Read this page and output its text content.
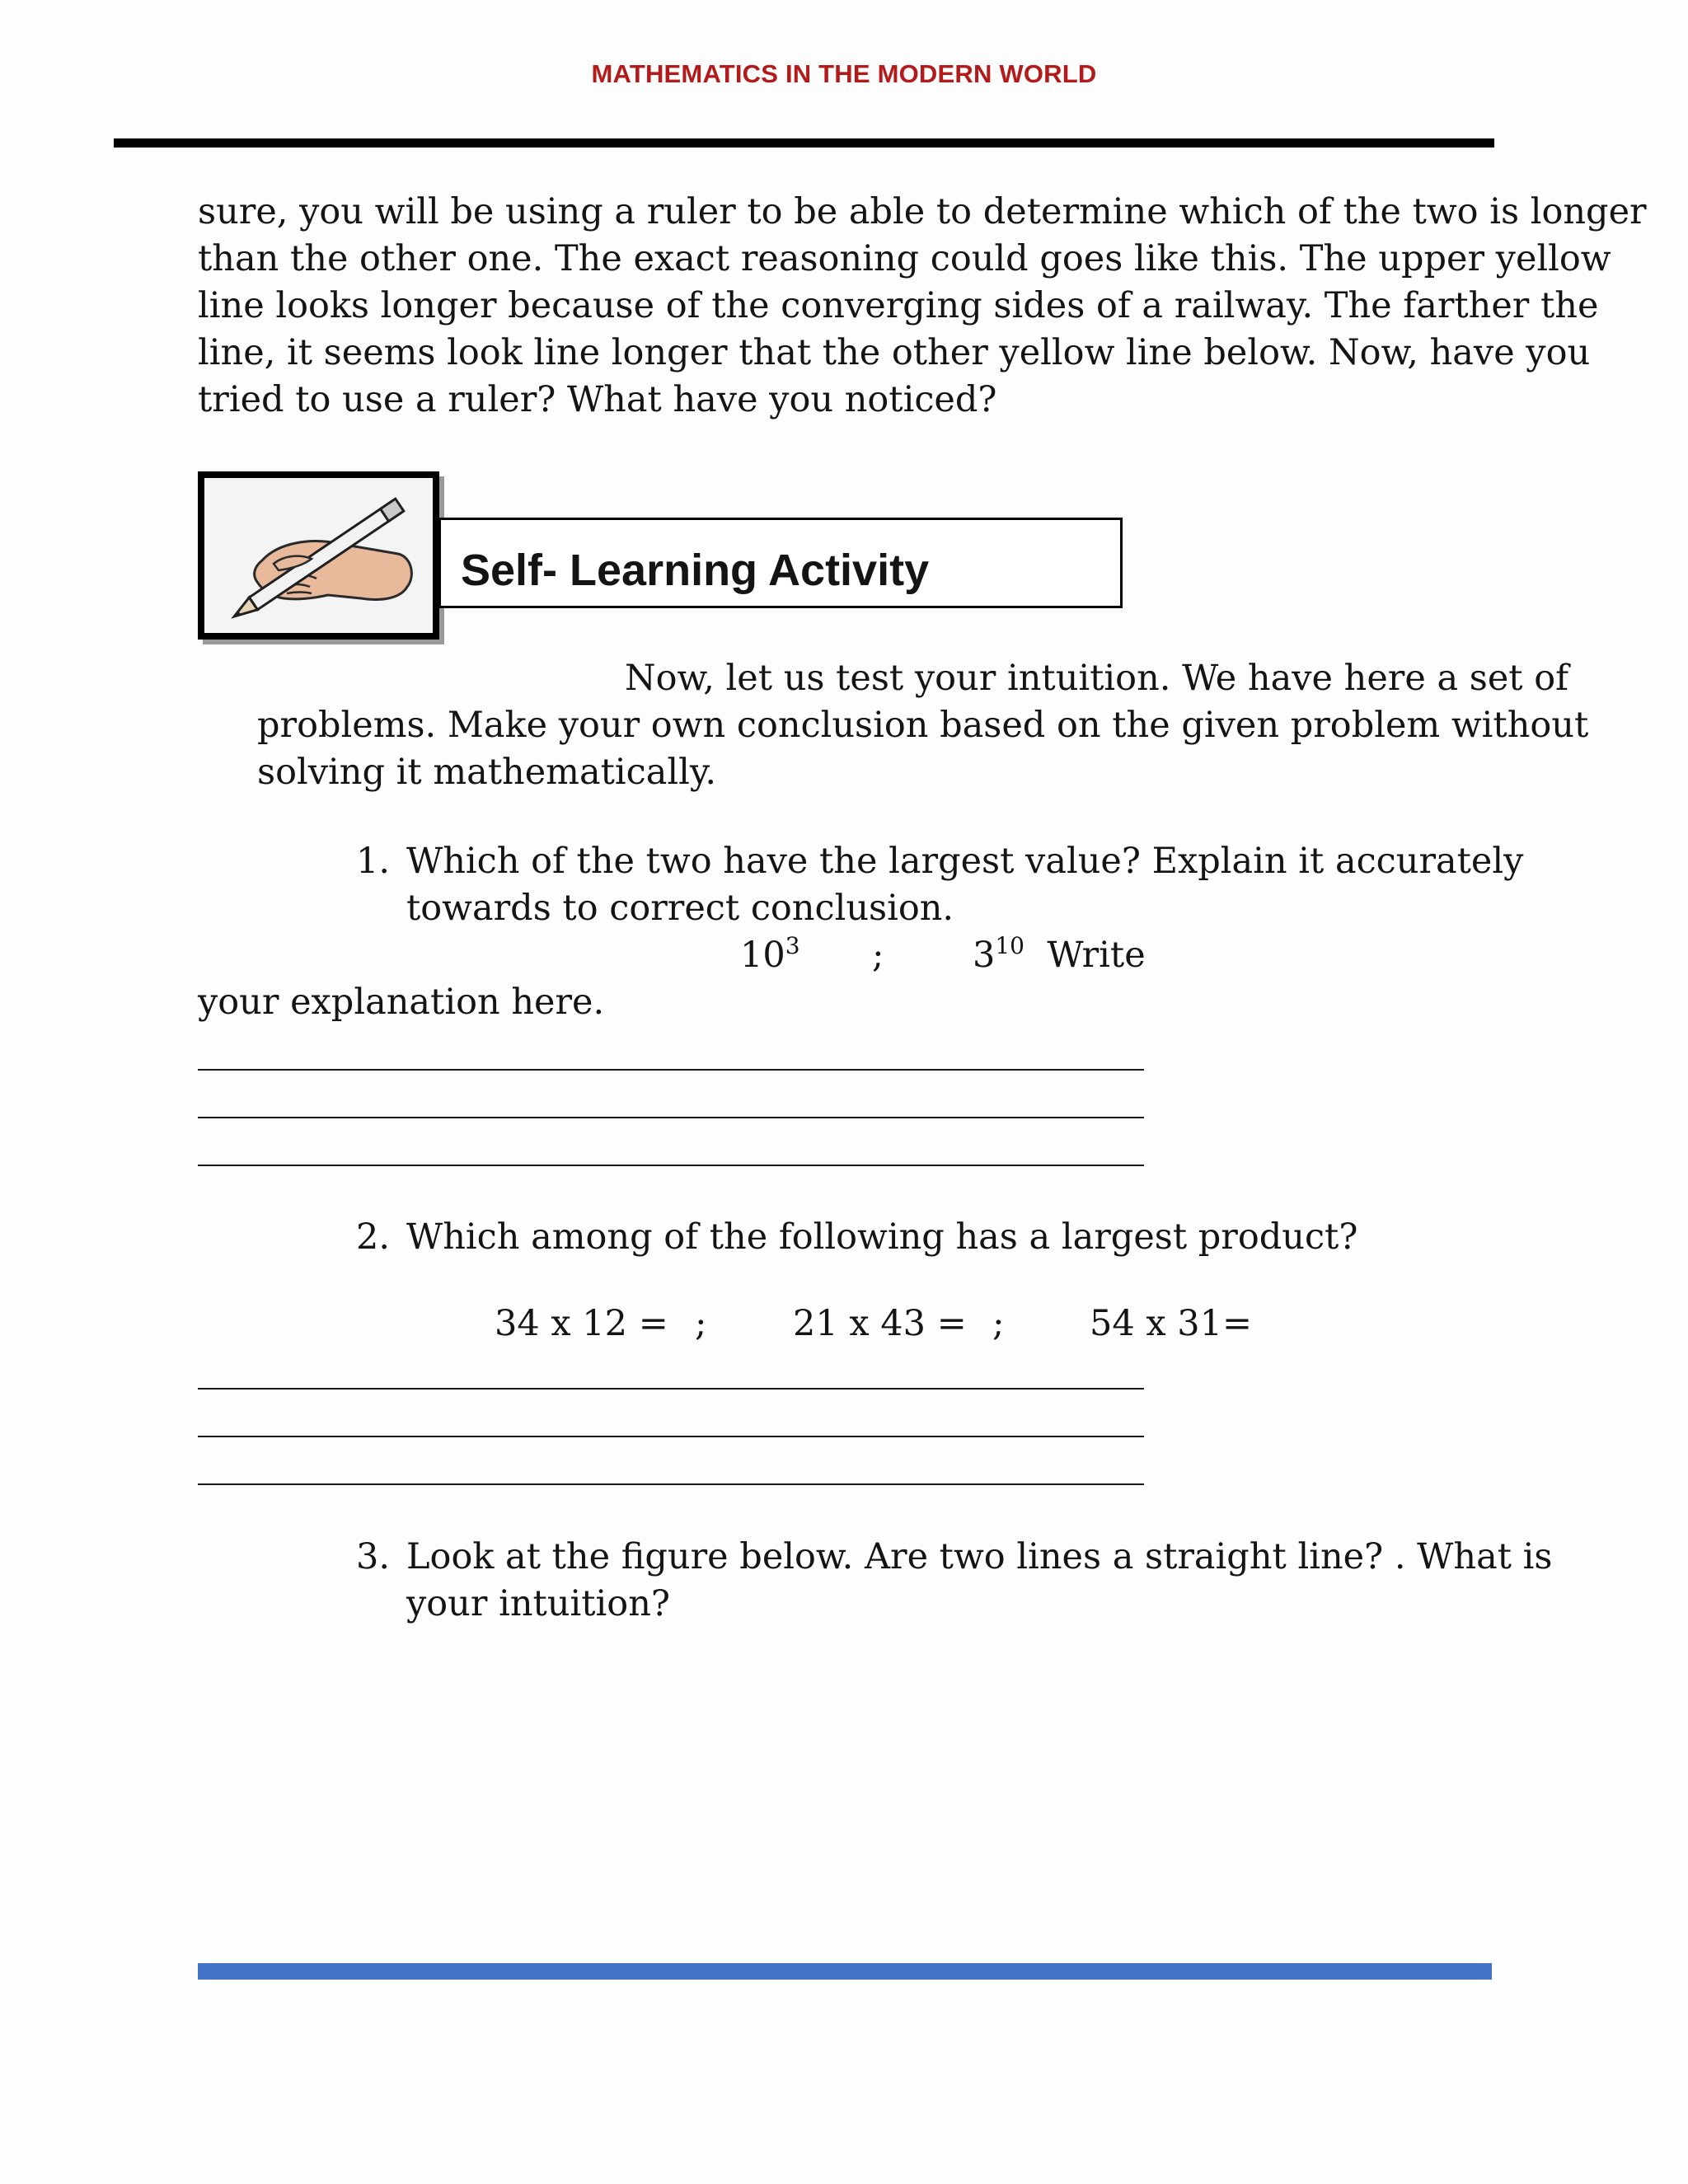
MATHEMATICS IN THE MODERN WORLD
sure, you will be using a ruler to be able to determine which of the two is longer
than the other one. The exact reasoning could goes like this. The upper yellow
line looks longer because of the converging sides of a railway. The farther the
line, it seems look line longer that the other yellow line below. Now, have you
tried to use a ruler? What have you noticed?
Self- Learning Activity
Now, let us test your intuition. We have here a set of
problems. Make your own conclusion based on the given problem without
solving it mathematically.
1. Which of the two have the largest value? Explain it accurately
towards to correct conclusion.
$10^3$ ;	$3^{10}$ Write
your explanation here.
2. Which among of the following has a largest product?
34 x 12 = ; 21 x 43 = ; 54 x 31=
3. Look at the figure below. Are two lines a straight line? . What is
your intuition?
